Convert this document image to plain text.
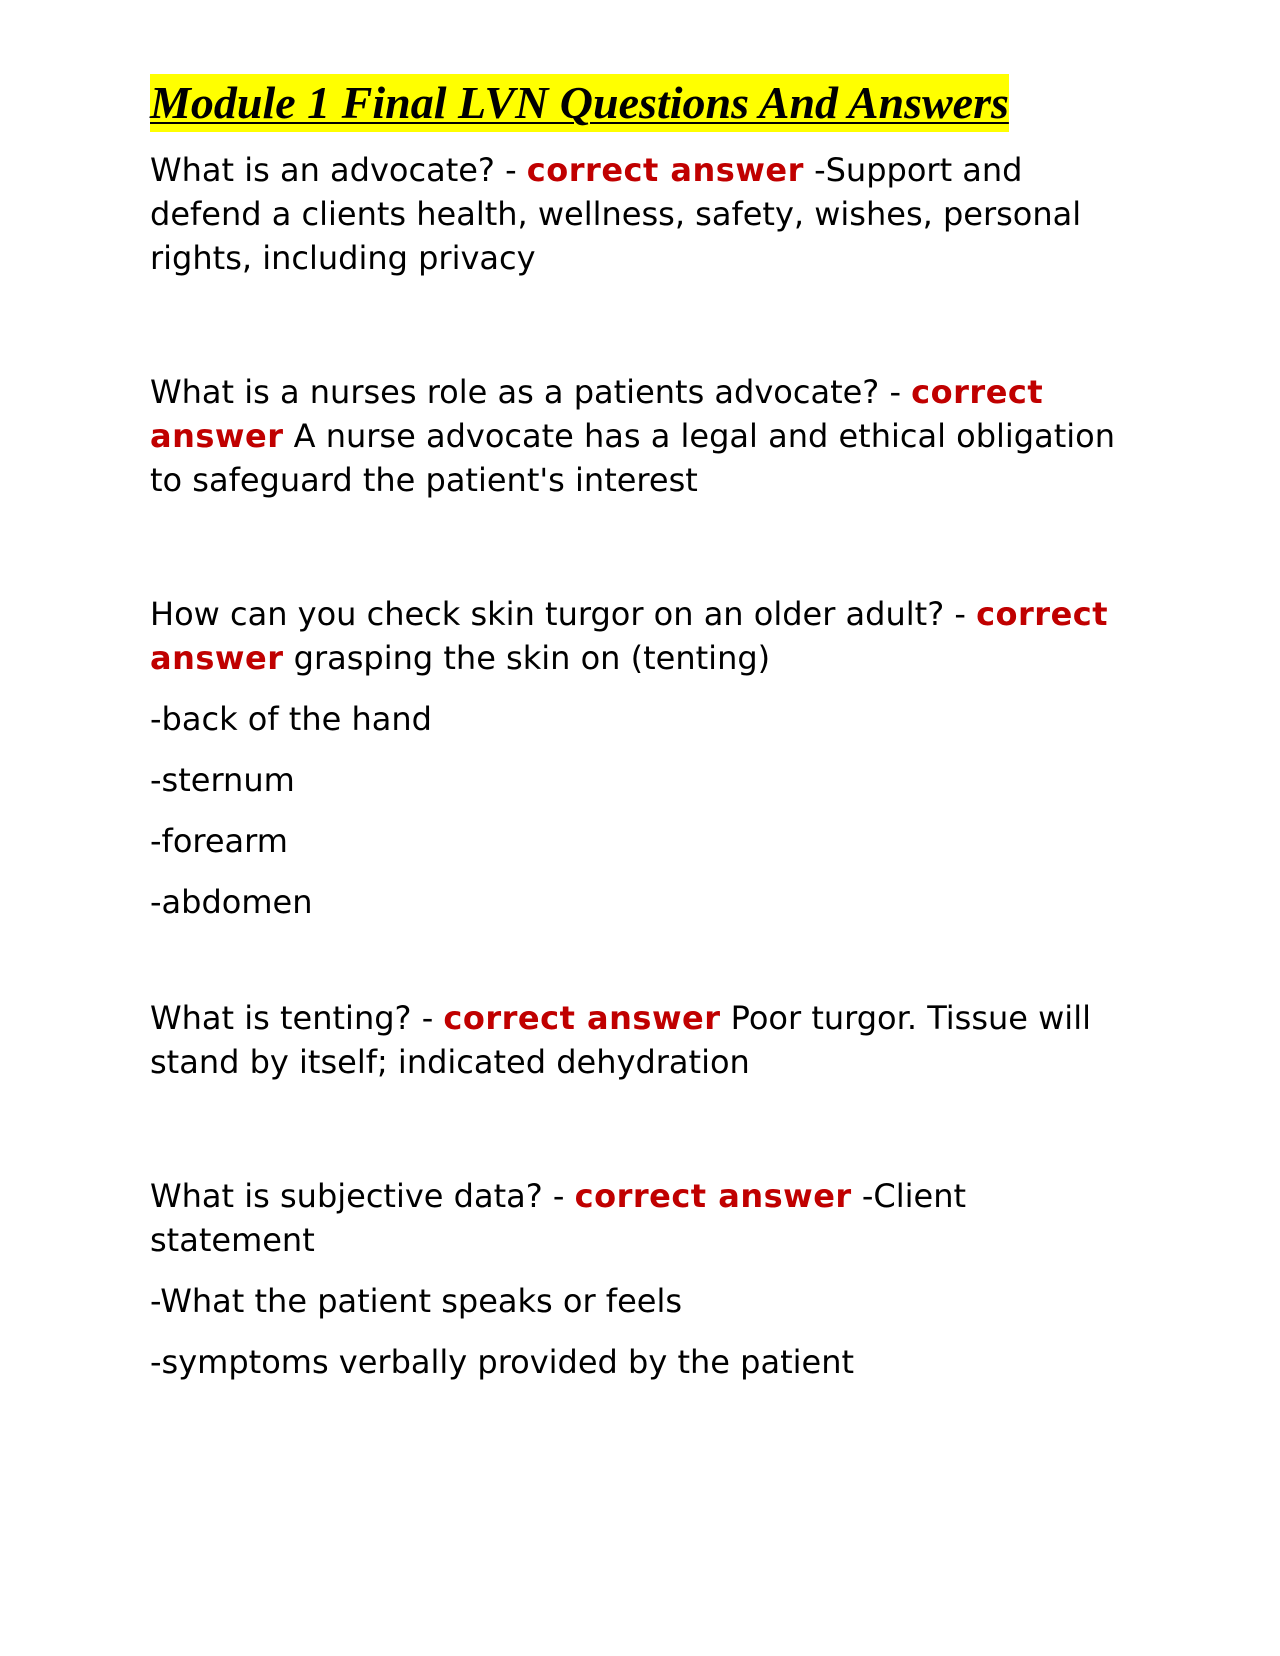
Module 1 Final LVN Questions And Answers

What is an advocate? - correct answer -Support and defend a clients health, wellness, safety, wishes, personal rights, including privacy

What is a nurses role as a patients advocate? - correct answer A nurse advocate has a legal and ethical obligation to safeguard the patient's interest

How can you check skin turgor on an older adult? - correct answer grasping the skin on (tenting)

-back of the hand

-sternum

-forearm

-abdomen

What is tenting? - correct answer Poor turgor. Tissue will stand by itself; indicated dehydration

What is subjective data? - correct answer -Client statement

-What the patient speaks or feels

-symptoms verbally provided by the patient
